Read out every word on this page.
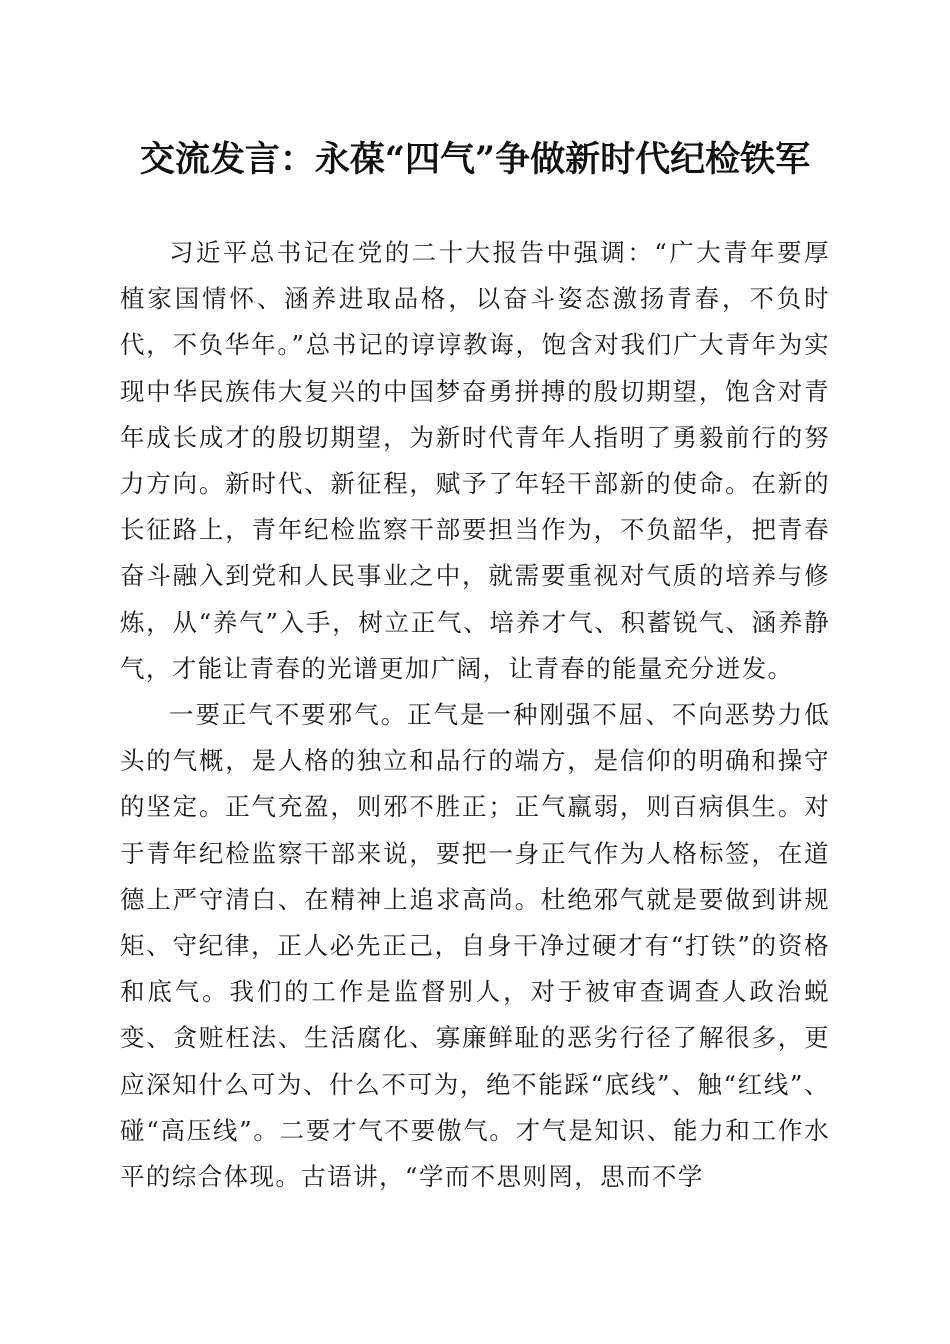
交流发言：永葆“四气”争做新时代纪检铁军

习近平总书记在党的二十大报告中强调：“广大青年要厚植家国情怀、涵养进取品格，以奋斗姿态激扬青春，不负时代，不负华年。”总书记的谆谆教诲，饱含对我们广大青年为实现中华民族伟大复兴的中国梦奋勇拼搏的殷切期望，饱含对青年成长成才的殷切期望，为新时代青年人指明了勇毅前行的努力方向。新时代、新征程，赋予了年轻干部新的使命。在新的长征路上，青年纪检监察干部要担当作为，不负韶华，把青春奋斗融入到党和人民事业之中，就需要重视对气质的培养与修炼，从“养气”入手，树立正气、培养才气、积蓄锐气、涵养静气，才能让青春的光谱更加广阔，让青春的能量充分迸发。

一要正气不要邪气。正气是一种刚强不屈、不向恶势力低头的气概，是人格的独立和品行的端方，是信仰的明确和操守的坚定。正气充盈，则邪不胜正；正气羸弱，则百病俱生。对于青年纪检监察干部来说，要把一身正气作为人格标签，在道德上严守清白、在精神上追求高尚。杜绝邪气就是要做到讲规矩、守纪律，正人必先正己，自身干净过硬才有“打铁”的资格和底气。我们的工作是监督别人，对于被审查调查人政治蜕变、贪赃枉法、生活腐化、寡廉鲜耻的恶劣行径了解很多，更应深知什么可为、什么不可为，绝不能踩“底线”、触“红线”、碰“高压线”。二要才气不要傲气。才气是知识、能力和工作水平的综合体现。古语讲，“学而不思则罔，思而不学
